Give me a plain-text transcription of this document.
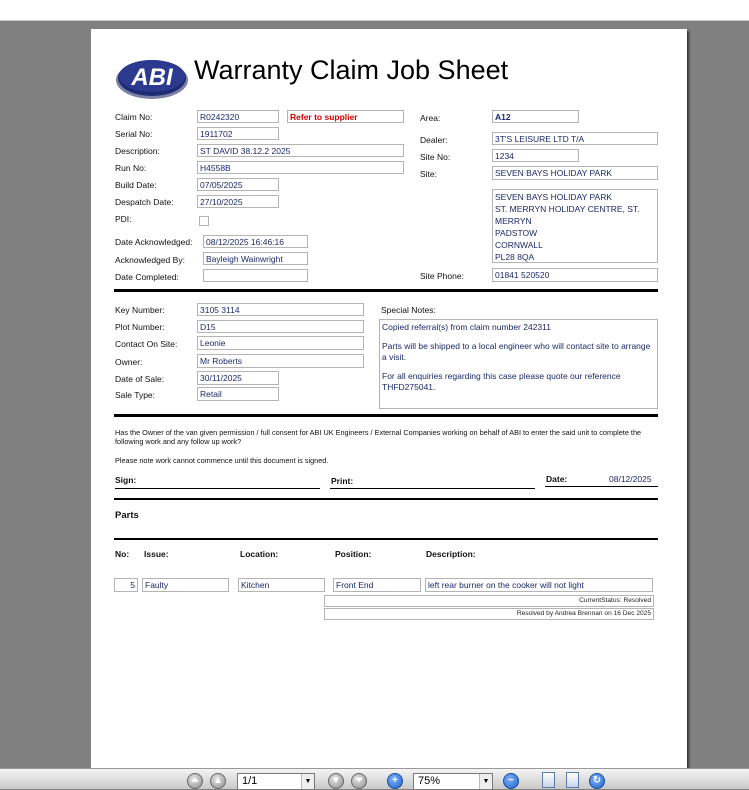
ABI Warranty Claim Job Sheet
Claim No:	R0242320	Refer to supplier
Serial No:	1911702
Description:	ST DAVID 38.12.2 2025
Run No:	H4558B
Build Date:	07/05/2025
Despatch Date:	27/10/2025
PDI:
Date Acknowledged:	08/12/2025 16:46:16
Acknowledged By:	Bayleigh Wainwright
Date Completed:
Area:	A12
Dealer:	3T'S LEISURE LTD T/A
Site No:	1234
Site:	SEVEN BAYS HOLIDAY PARK
SEVEN BAYS HOLIDAY PARK
ST. MERRYN HOLIDAY CENTRE, ST.
MERRYN
PADSTOW
CORNWALL
PL28 8QA
Site Phone:	01841 520520
Key Number:	3105 3114
Plot Number:	D15
Contact On Site:	Leonie
Owner:	Mr Roberts
Date of Sale:	30/11/2025
Sale Type:	Retail
Special Notes:
Copied referral(s) from claim number 242311
Parts will be shipped to a local engineer who will contact site to arrange a visit.
For all enquiries regarding this case please quote our reference THFD275041.
Has the Owner of the van given permission / full consent for ABI UK Engineers / External Companies working on behalf of ABI to enter the said unit to complete the following work and any follow up work?
Please note work cannot commence until this document is signed.
Sign:	Print:	Date:	08/12/2025
Parts
No: Issue:	Location:	Position:	Description:
5	Faulty	Kitchen	Front End	left rear burner on the cooker will not light
CurrentStatus: Resolved
Resolved by Andrea Brennan on 16 Dec 2025
⏶	▲	1/1	▼	▼	⏷	+	75%	▼	−	↻
